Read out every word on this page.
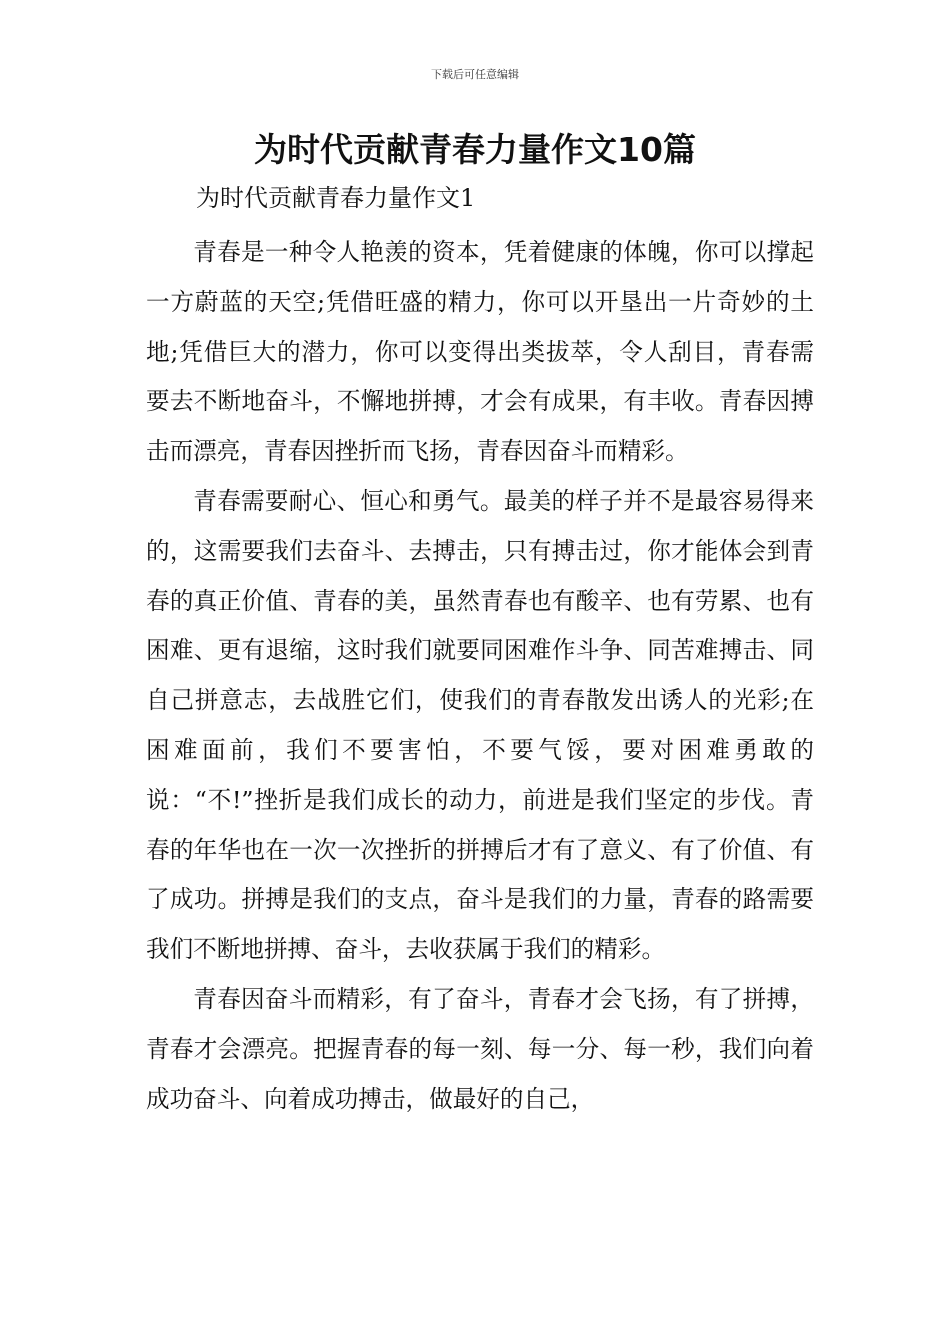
下载后可任意编辑
为时代贡献青春力量作文10篇
为时代贡献青春力量作文1

青春是一种令人艳羡的资本，凭着健康的体魄，你可以撑起一方蔚蓝的天空;凭借旺盛的精力，你可以开垦出一片奇妙的土地;凭借巨大的潜力，你可以变得出类拔萃，令人刮目，青春需要去不断地奋斗，不懈地拼搏，才会有成果，有丰收。青春因搏击而漂亮，青春因挫折而飞扬，青春因奋斗而精彩。

青春需要耐心、恒心和勇气。最美的样子并不是最容易得来的，这需要我们去奋斗、去搏击，只有搏击过，你才能体会到青春的真正价值、青春的美，虽然青春也有酸辛、也有劳累、也有困难、更有退缩，这时我们就要同困难作斗争、同苦难搏击、同自己拼意志，去战胜它们，使我们的青春散发出诱人的光彩;在困难面前，我们不要害怕，不要气馁，要对困难勇敢的说：“不!”挫折是我们成长的动力，前进是我们坚定的步伐。青春的年华也在一次一次挫折的拼搏后才有了意义、有了价值、有了成功。拼搏是我们的支点，奋斗是我们的力量，青春的路需要我们不断地拼搏、奋斗，去收获属于我们的精彩。

青春因奋斗而精彩，有了奋斗，青春才会飞扬，有了拼搏，青春才会漂亮。把握青春的每一刻、每一分、每一秒，我们向着成功奋斗、向着成功搏击，做最好的自己，
